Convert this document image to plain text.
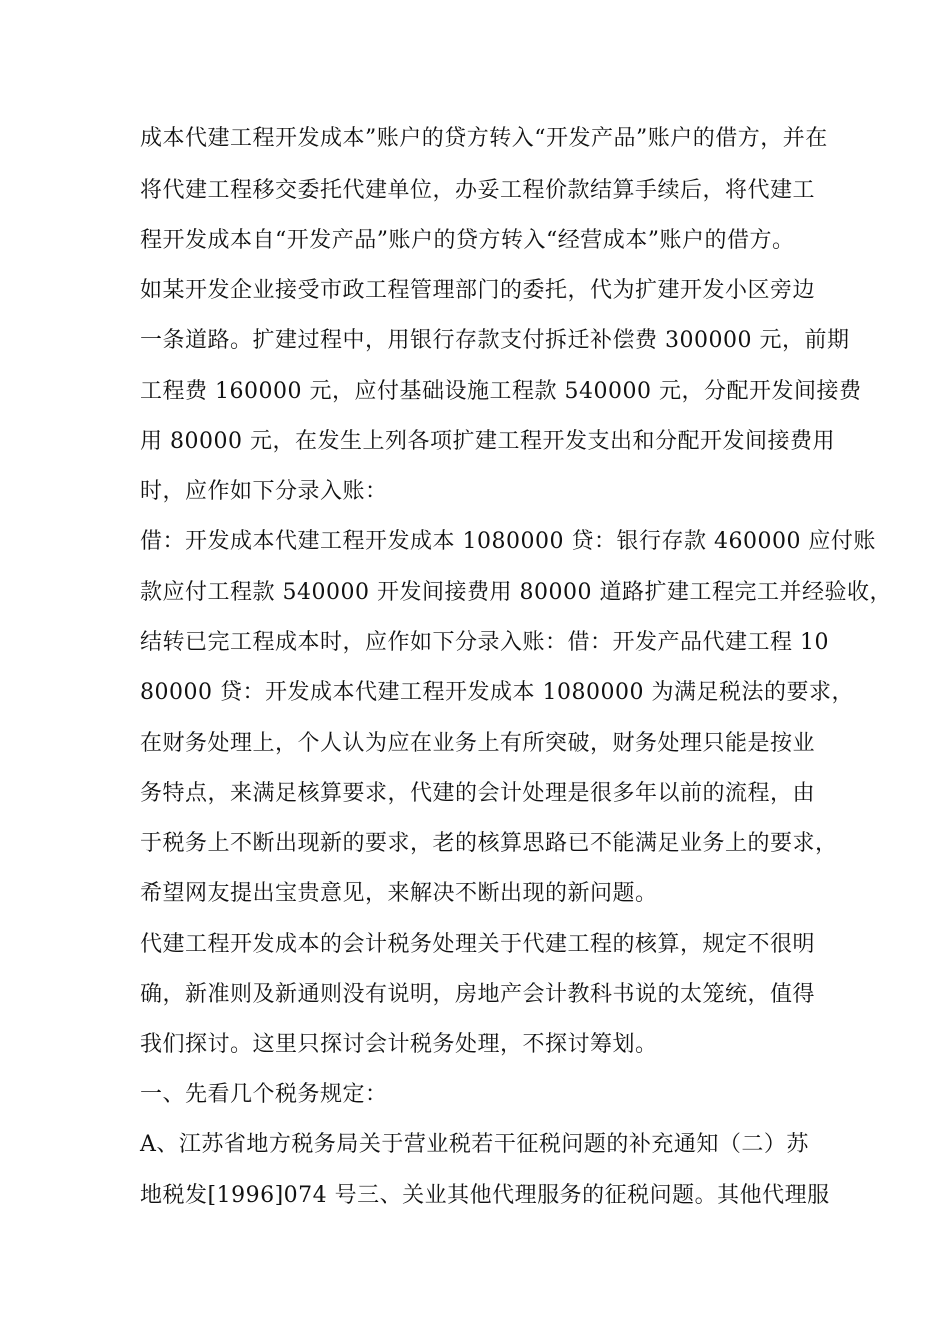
成本代建工程开发成本”账户的贷方转入“开发产品”账户的借方，并在
将代建工程移交委托代建单位，办妥工程价款结算手续后，将代建工
程开发成本自“开发产品”账户的贷方转入“经营成本”账户的借方。
如某开发企业接受市政工程管理部门的委托，代为扩建开发小区旁边
一条道路。扩建过程中，用银行存款支付拆迁补偿费 300000 元，前期
工程费 160000 元，应付基础设施工程款 540000 元，分配开发间接费
用 80000 元，在发生上列各项扩建工程开发支出和分配开发间接费用
时，应作如下分录入账：
借：开发成本代建工程开发成本 1080000 贷：银行存款 460000 应付账
款应付工程款 540000 开发间接费用 80000 道路扩建工程完工并经验收，
结转已完工程成本时，应作如下分录入账：借：开发产品代建工程 10
80000 贷：开发成本代建工程开发成本 1080000 为满足税法的要求，
在财务处理上，个人认为应在业务上有所突破，财务处理只能是按业
务特点，来满足核算要求，代建的会计处理是很多年以前的流程，由
于税务上不断出现新的要求，老的核算思路已不能满足业务上的要求，
希望网友提出宝贵意见，来解决不断出现的新问题。
代建工程开发成本的会计税务处理关于代建工程的核算，规定不很明
确，新准则及新通则没有说明，房地产会计教科书说的太笼统，值得
我们探讨。这里只探讨会计税务处理，不探讨筹划。
一、先看几个税务规定：
A、江苏省地方税务局关于营业税若干征税问题的补充通知（二）苏
地税发[1996]074 号三、关业其他代理服务的征税问题。其他代理服
